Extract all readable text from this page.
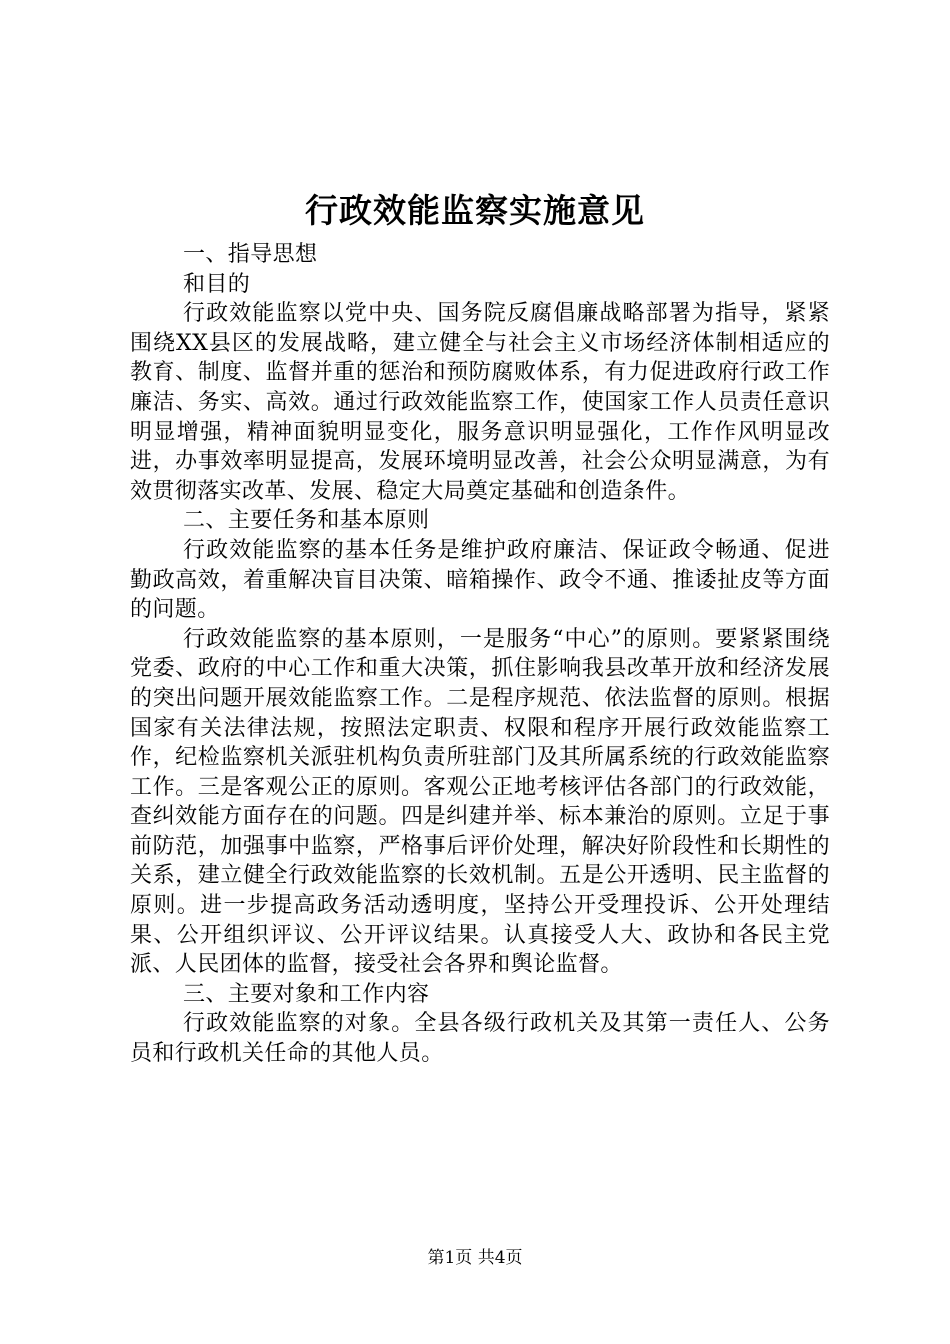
行政效能监察实施意见

一、指导思想

和目的

行政效能监察以党中央、国务院反腐倡廉战略部署为指导，紧紧围绕XX县区的发展战略，建立健全与社会主义市场经济体制相适应的教育、制度、监督并重的惩治和预防腐败体系，有力促进政府行政工作廉洁、务实、高效。通过行政效能监察工作，使国家工作人员责任意识明显增强，精神面貌明显变化，服务意识明显强化，工作作风明显改进，办事效率明显提高，发展环境明显改善，社会公众明显满意，为有效贯彻落实改革、发展、稳定大局奠定基础和创造条件。

二、主要任务和基本原则

行政效能监察的基本任务是维护政府廉洁、保证政令畅通、促进勤政高效，着重解决盲目决策、暗箱操作、政令不通、推诿扯皮等方面的问题。

行政效能监察的基本原则，一是服务“中心”的原则。要紧紧围绕党委、政府的中心工作和重大决策，抓住影响我县改革开放和经济发展的突出问题开展效能监察工作。二是程序规范、依法监督的原则。根据国家有关法律法规，按照法定职责、权限和程序开展行政效能监察工作，纪检监察机关派驻机构负责所驻部门及其所属系统的行政效能监察工作。三是客观公正的原则。客观公正地考核评估各部门的行政效能，查纠效能方面存在的问题。四是纠建并举、标本兼治的原则。立足于事前防范，加强事中监察，严格事后评价处理，解决好阶段性和长期性的关系，建立健全行政效能监察的长效机制。五是公开透明、民主监督的原则。进一步提高政务活动透明度，坚持公开受理投诉、公开处理结果、公开组织评议、公开评议结果。认真接受人大、政协和各民主党派、人民团体的监督，接受社会各界和舆论监督。

三、主要对象和工作内容

行政效能监察的对象。全县各级行政机关及其第一责任人、公务员和行政机关任命的其他人员。

第1页 共4页
